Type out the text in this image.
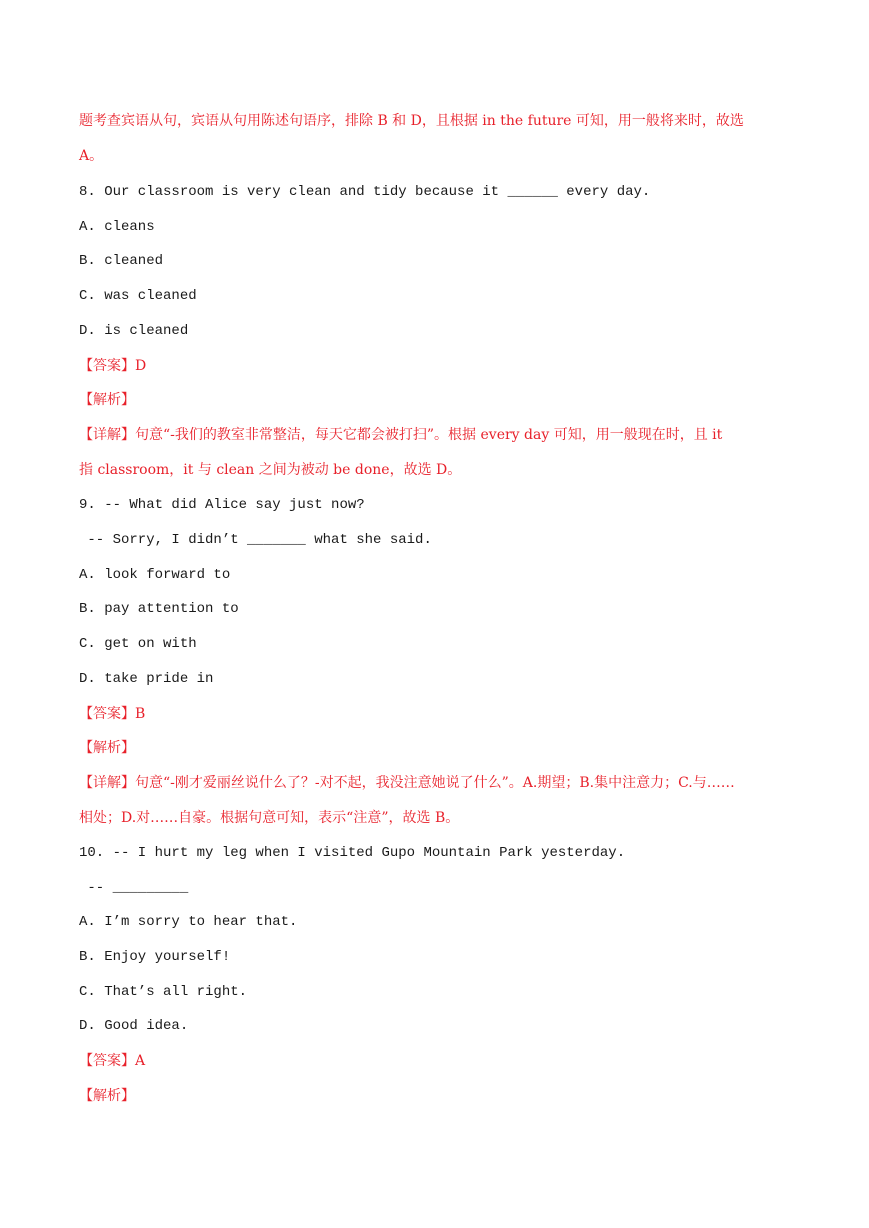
题考查宾语从句，宾语从句用陈述句语序，排除 B 和 D，且根据 in the future 可知，用一般将来时，故选
A。
8. Our classroom is very clean and tidy because it ______ every day.
A. cleans
B. cleaned
C. was cleaned
D. is cleaned
【答案】D
【解析】
【详解】句意“-我们的教室非常整洁，每天它都会被打扫”。根据 every day 可知，用一般现在时，且 it
指 classroom，it 与 clean 之间为被动 be done，故选 D。
9. -- What did Alice say just now?
-- Sorry, I didn’t _______ what she said.
A. look forward to
B. pay attention to
C. get on with
D. take pride in
【答案】B
【解析】
【详解】句意“-刚才爱丽丝说什么了？-对不起，我没注意她说了什么”。A.期望；B.集中注意力；C.与……
相处；D.对……自豪。根据句意可知，表示“注意”，故选 B。
10. -- I hurt my leg when I visited Gupo Mountain Park yesterday.
-- _________
A. I’m sorry to hear that.
B. Enjoy yourself!
C. That’s all right.
D. Good idea.
【答案】A
【解析】
